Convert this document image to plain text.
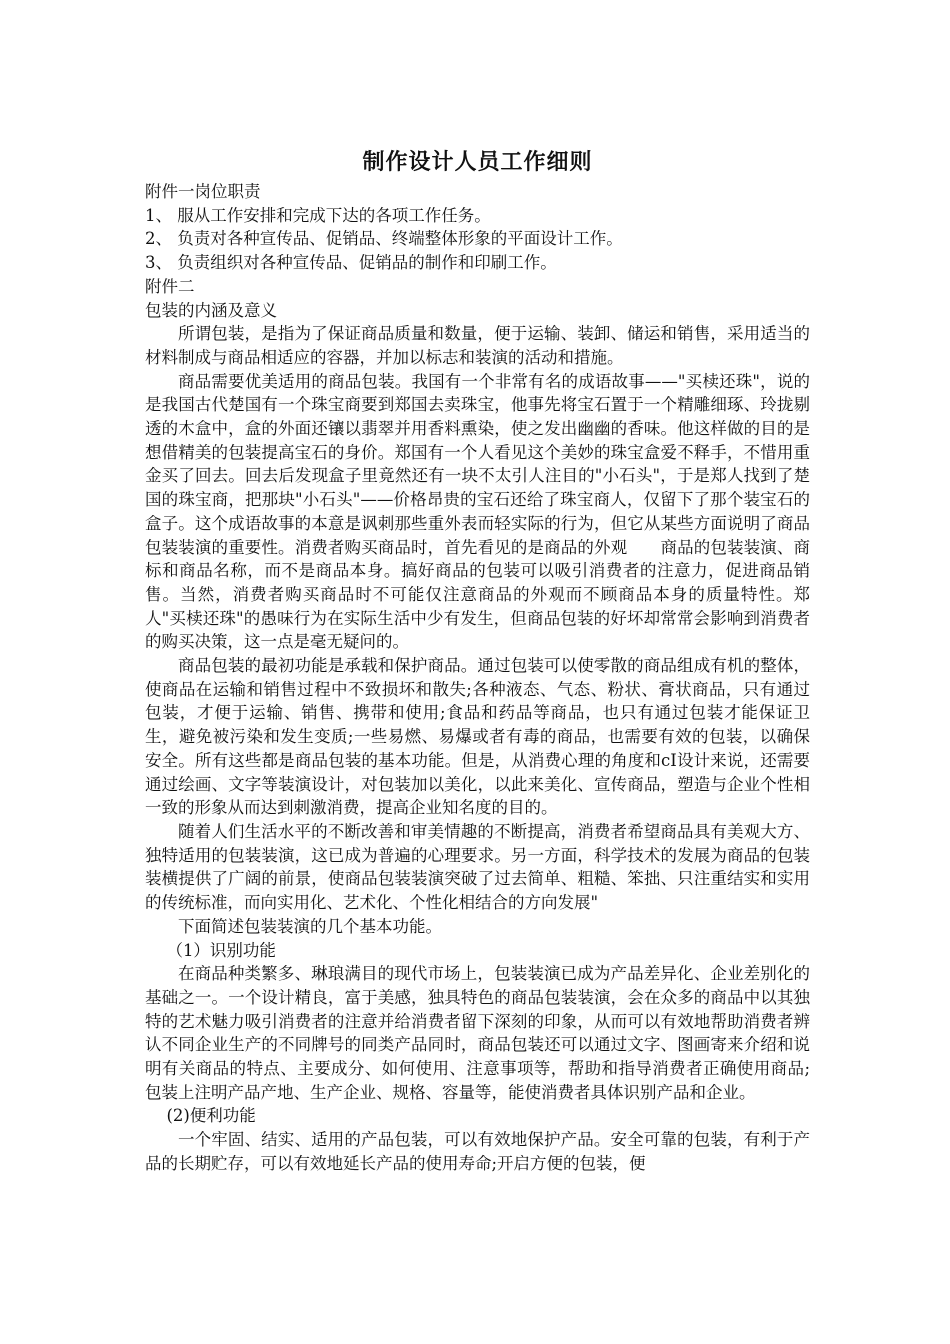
制作设计人员工作细则

附件一岗位职责

1、 服从工作安排和完成下达的各项工作任务。

2、 负责对各种宣传品、促销品、终端整体形象的平面设计工作。

3、 负责组织对各种宣传品、促销品的制作和印刷工作。

附件二

包装的内涵及意义

所谓包装，是指为了保证商品质量和数量，便于运输、装卸、储运和销售，采用适当的材料制成与商品相适应的容器，并加以标志和装演的活动和措施。

商品需要优美适用的商品包装。我国有一个非常有名的成语故事——"买椟还珠"，说的是我国古代楚国有一个珠宝商要到郑国去卖珠宝，他事先将宝石置于一个精雕细琢、玲拢剔透的木盒中，盒的外面还镶以翡翠并用香料熏染，使之发出幽幽的香味。他这样做的目的是想借精美的包装提高宝石的身价。郑国有一个人看见这个美妙的珠宝盒爱不释手，不惜用重金买了回去。回去后发现盒子里竟然还有一块不太引人注目的"小石头"，于是郑人找到了楚国的珠宝商，把那块"小石头"——价格昂贵的宝石还给了珠宝商人，仅留下了那个装宝石的盒子。这个成语故事的本意是讽刺那些重外表而轻实际的行为，但它从某些方面说明了商品包装装演的重要性。消费者购买商品时，首先看见的是商品的外观　　商品的包装装演、商标和商品名称，而不是商品本身。搞好商品的包装可以吸引消费者的注意力，促进商品销售。当然，消费者购买商品时不可能仅注意商品的外观而不顾商品本身的质量特性。郑人"买椟还珠"的愚味行为在实际生活中少有发生，但商品包装的好坏却常常会影响到消费者的购买决策，这一点是毫无疑问的。

商品包装的最初功能是承载和保护商品。通过包装可以使零散的商品组成有机的整体，使商品在运输和销售过程中不致损坏和散失;各种液态、气态、粉状、膏状商品，只有通过包装，才便于运输、销售、携带和使用;食品和药品等商品，也只有通过包装才能保证卫生，避免被污染和发生变质;一些易燃、易爆或者有毒的商品，也需要有效的包装，以确保安全。所有这些都是商品包装的基本功能。但是，从消费心理的角度和cI设计来说，还需要通过绘画、文字等装演设计，对包装加以美化，以此来美化、宣传商品，塑造与企业个性相一致的形象从而达到刺激消费，提高企业知名度的目的。

随着人们生活水平的不断改善和审美情趣的不断提高，消费者希望商品具有美观大方、独特适用的包装装演，这已成为普遍的心理要求。另一方面，科学技术的发展为商品的包装装横提供了广阔的前景，使商品包装装演突破了过去简单、粗糙、笨拙、只注重结实和实用的传统标准，而向实用化、艺术化、个性化相结合的方向发展"

下面简述包装装演的几个基本功能。

（1）识别功能

在商品种类繁多、琳琅满目的现代市场上，包装装演已成为产品差异化、企业差别化的基础之一。一个设计精良，富于美感，独具特色的商品包装装演，会在众多的商品中以其独特的艺术魅力吸引消费者的注意并给消费者留下深刻的印象，从而可以有效地帮助消费者辨认不同企业生产的不同牌号的同类产品同时，商品包装还可以通过文字、图画寄来介绍和说明有关商品的特点、主要成分、如何使用、注意事项等，帮助和指导消费者正确使用商品;包装上注明产品产地、生产企业、规格、容量等，能使消费者具体识别产品和企业。

(2)便利功能

一个牢固、结实、适用的产品包装，可以有效地保护产品。安全可靠的包装，有利于产品的长期贮存，可以有效地延长产品的使用寿命;开启方便的包装，便
